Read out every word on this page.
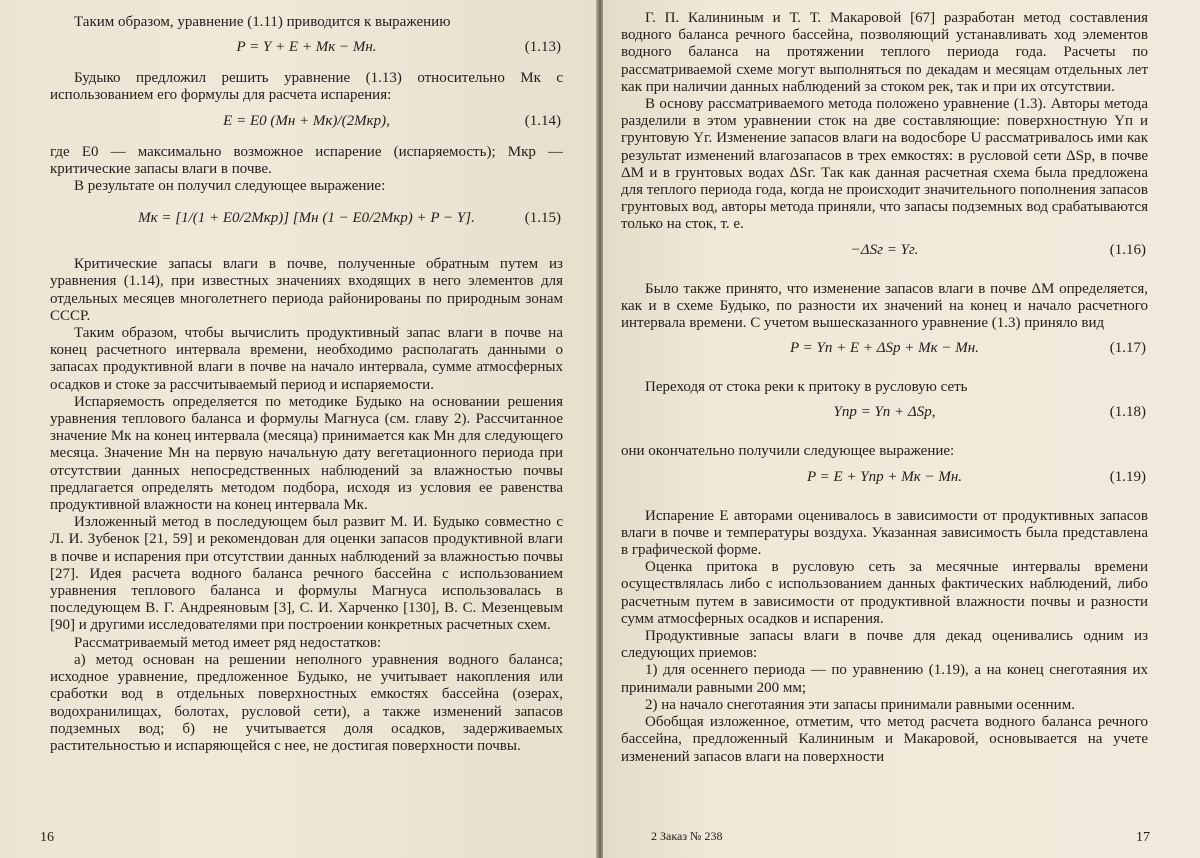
Таким образом, уравнение (1.11) приводится к выражению

P = Y + E + Mк − Mн.	(1.13)

Будыко предложил решить уравнение (1.13) относительно Mк с использованием его формулы для расчета испарения:

E = E0 (Mн + Mк)/(2Mкр),	(1.14)

где E0 — максимально возможное испарение (испаряемость); Mкр — критические запасы влаги в почве.

В результате он получил следующее выражение:

Mк = [1/(1 + E0/2Mкр)] [Mн (1 − E0/2Mкр) + P − Y].	(1.15)

Критические запасы влаги в почве, полученные обратным путем из уравнения (1.14), при известных значениях входящих в него элементов для отдельных месяцев многолетнего периода районированы по природным зонам СССР.

Таким образом, чтобы вычислить продуктивный запас влаги в почве на конец расчетного интервала времени, необходимо располагать данными о запасах продуктивной влаги в почве на начало интервала, сумме атмосферных осадков и стоке за рассчитываемый период и испаряемости.

Испаряемость определяется по методике Будыко на основании решения уравнения теплового баланса и формулы Магнуса (см. главу 2). Рассчитанное значение Mк на конец интервала (месяца) принимается как Mн для следующего месяца. Значение Mн на первую начальную дату вегетационного периода при отсутствии данных непосредственных наблюдений за влажностью почвы предлагается определять методом подбора, исходя из условия ее равенства продуктивной влажности на конец интервала Mк.

Изложенный метод в последующем был развит М. И. Будыко совместно с Л. И. Зубенок [21, 59] и рекомендован для оценки запасов продуктивной влаги в почве и испарения при отсутствии данных наблюдений за влажностью почвы [27]. Идея расчета водного баланса речного бассейна с использованием уравнения теплового баланса и формулы Магнуса использовалась в последующем В. Г. Андреяновым [3], С. И. Харченко [130], В. С. Мезенцевым [90] и другими исследователями при построении конкретных расчетных схем.

Рассматриваемый метод имеет ряд недостатков:

а) метод основан на решении неполного уравнения водного баланса; исходное уравнение, предложенное Будыко, не учитывает накопления или сработки вод в отдельных поверхностных емкостях бассейна (озерах, водохранилищах, болотах, русловой сети), а также изменений запасов подземных вод; б) не учитывается доля осадков, задерживаемых растительностью и испаряющейся с нее, не достигая поверхности почвы.

16

Г. П. Калининым и Т. Т. Макаровой [67] разработан метод составления водного баланса речного бассейна, позволяющий устанавливать ход элементов водного баланса на протяжении теплого периода года. Расчеты по рассматриваемой схеме могут выполняться по декадам и месяцам отдельных лет как при наличии данных наблюдений за стоком рек, так и при их отсутствии.

В основу рассматриваемого метода положено уравнение (1.3). Авторы метода разделили в этом уравнении сток на две составляющие: поверхностную Yп и грунтовую Yг. Изменение запасов влаги на водосборе U рассматривалось ими как результат изменений влагозапасов в трех емкостях: в русловой сети ΔSр, в почве ΔM и в грунтовых водах ΔSг. Так как данная расчетная схема была предложена для теплого периода года, когда не происходит значительного пополнения запасов грунтовых вод, авторы метода приняли, что запасы подземных вод срабатываются только на сток, т. е.

−ΔSг = Yг.	(1.16)

Было также принято, что изменение запасов влаги в почве ΔM определяется, как и в схеме Будыко, по разности их значений на конец и начало расчетного интервала времени. С учетом вышесказанного уравнение (1.3) приняло вид

P = Yп + E + ΔSр + Mк − Mн.	(1.17)

Переходя от стока реки к притоку в русловую сеть

Yпр = Yп + ΔSр,	(1.18)

они окончательно получили следующее выражение:

P = E + Yпр + Mк − Mн.	(1.19)

Испарение E авторами оценивалось в зависимости от продуктивных запасов влаги в почве и температуры воздуха. Указанная зависимость была представлена в графической форме.

Оценка притока в русловую сеть за месячные интервалы времени осуществлялась либо с использованием данных фактических наблюдений, либо расчетным путем в зависимости от продуктивной влажности почвы и разности сумм атмосферных осадков и испарения.

Продуктивные запасы влаги в почве для декад оценивались одним из следующих приемов:

1) для осеннего периода — по уравнению (1.19), а на конец снеготаяния их принимали равными 200 мм;

2) на начало снеготаяния эти запасы принимали равными осенним.

Обобщая изложенное, отметим, что метод расчета водного баланса речного бассейна, предложенный Калининым и Макаровой, основывается на учете изменений запасов влаги на поверхности

2 Заказ № 238	17
